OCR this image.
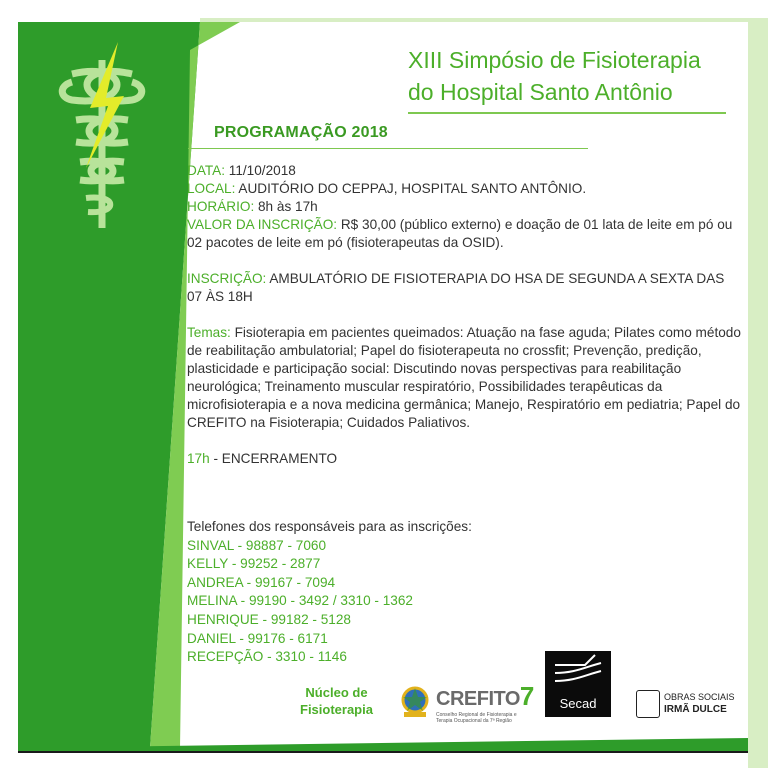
XIII Simpósio de Fisioterapia
do Hospital Santo Antônio
PROGRAMAÇÃO 2018
DATA: 11/10/2018
LOCAL: AUDITÓRIO DO CEPPAJ, HOSPITAL SANTO ANTÔNIO.
HORÁRIO: 8h às 17h
VALOR DA INSCRIÇÃO: R$ 30,00 (público externo) e doação de 01 lata de leite em pó ou 02 pacotes de leite em pó (fisioterapeutas da OSID).
INSCRIÇÃO: AMBULATÓRIO DE FISIOTERAPIA DO HSA DE SEGUNDA A SEXTA DAS 07 ÀS 18H
Temas: Fisioterapia em pacientes queimados: Atuação na fase aguda; Pilates como método de reabilitação ambulatorial; Papel do fisioterapeuta no crossfit; Prevenção, predição, plasticidade e participação social: Discutindo novas perspectivas para reabilitação neurológica; Treinamento muscular respiratório, Possibilidades terapêuticas da microfisioterapia e a nova medicina germânica; Manejo, Respiratório em pediatria; Papel do CREFITO na Fisioterapia; Cuidados Paliativos.
17h - ENCERRAMENTO
Telefones dos responsáveis para as inscrições:
SINVAL - 98887 - 7060
KELLY - 99252 - 2877
ANDREA - 99167 - 7094
MELINA - 99190 - 3492 / 3310 - 1362
HENRIQUE - 99182 - 5128
DANIEL - 99176 - 6171
RECEPÇÃO - 3310 - 1146
Núcleo de
Fisioterapia	CREFITO7
Conselho Regional de Fisioterapia e Terapia Ocupacional da 7ª Região
Secad	OBRAS SOCIAIS
IRMÃ DULCE
